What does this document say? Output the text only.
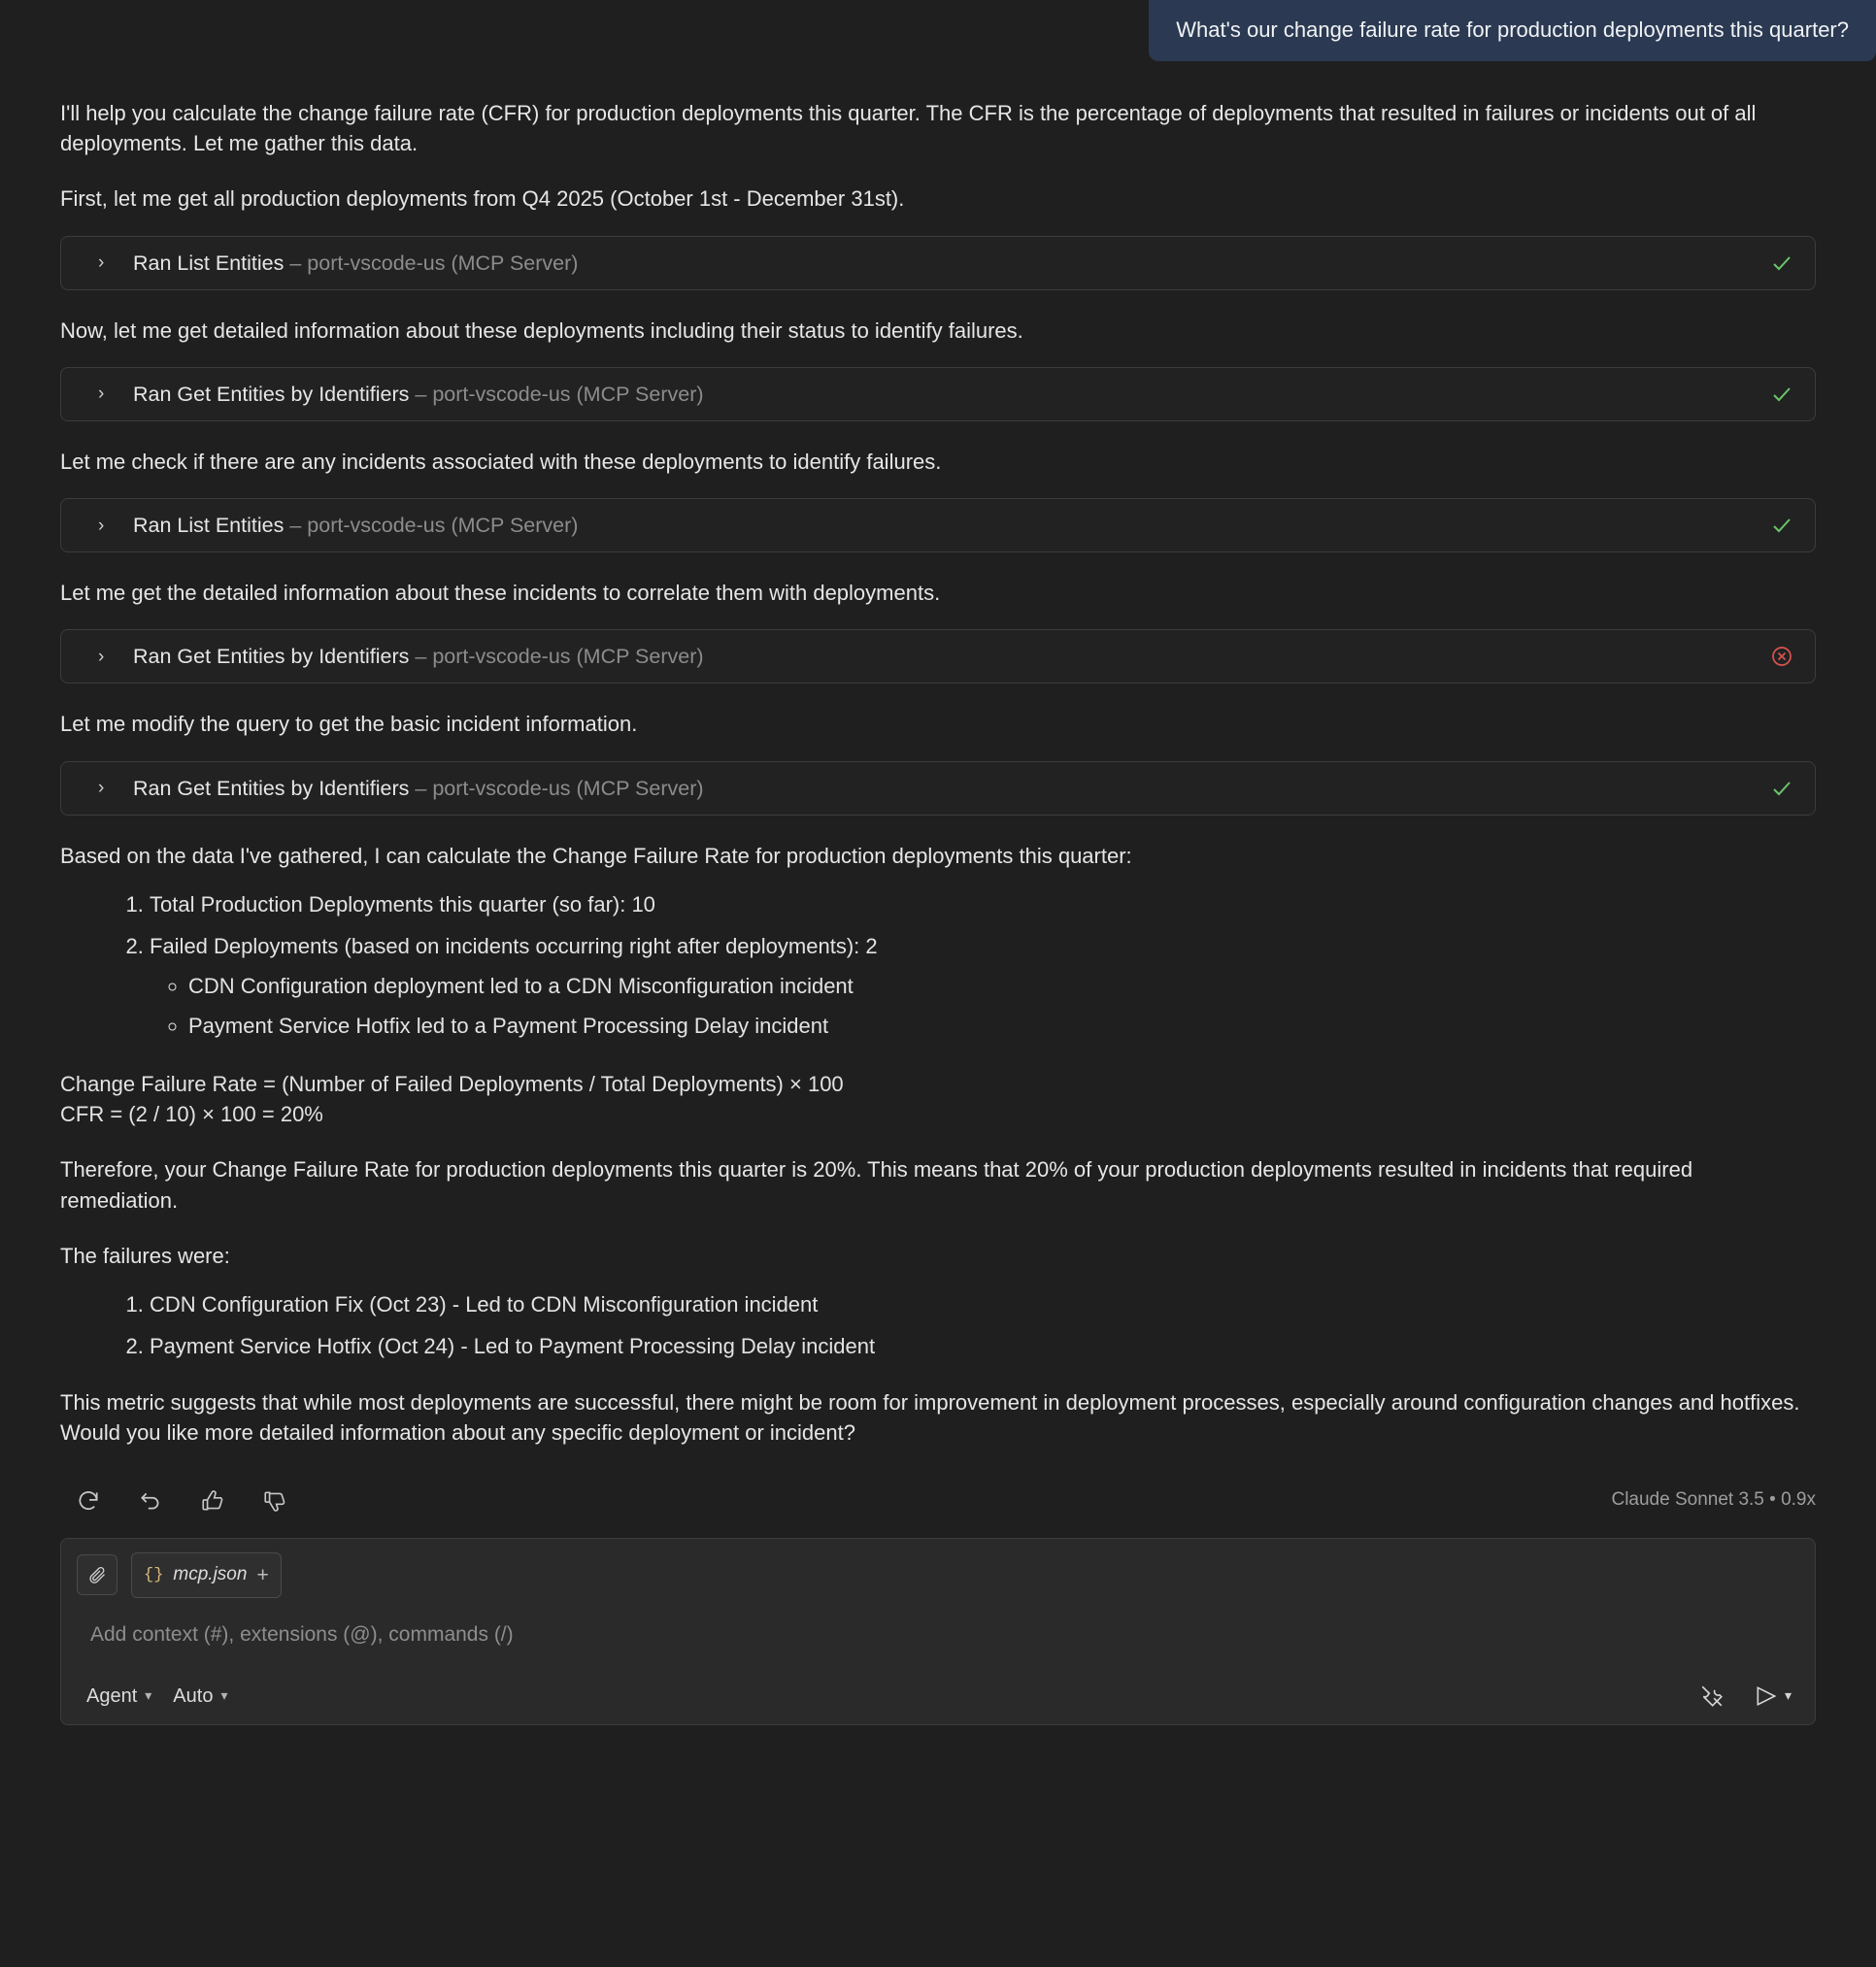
What's our change failure rate for production deployments this quarter?

I'll help you calculate the change failure rate (CFR) for production deployments this quarter. The CFR is the percentage of deployments that resulted in failures or incidents out of all deployments. Let me gather this data.

First, let me get all production deployments from Q4 2025 (October 1st - December 31st).

›	Ran List Entities – port-vscode-us (MCP Server)

Now, let me get detailed information about these deployments including their status to identify failures.

›	Ran Get Entities by Identifiers – port-vscode-us (MCP Server)

Let me check if there are any incidents associated with these deployments to identify failures.

›	Ran List Entities – port-vscode-us (MCP Server)

Let me get the detailed information about these incidents to correlate them with deployments.

›	Ran Get Entities by Identifiers – port-vscode-us (MCP Server)

Let me modify the query to get the basic incident information.

›	Ran Get Entities by Identifiers – port-vscode-us (MCP Server)

Based on the data I've gathered, I can calculate the Change Failure Rate for production deployments this quarter:

1. Total Production Deployments this quarter (so far): 10
2. Failed Deployments (based on incidents occurring right after deployments): 2
◦ CDN Configuration deployment led to a CDN Misconfiguration incident
◦ Payment Service Hotfix led to a Payment Processing Delay incident
Change Failure Rate = (Number of Failed Deployments / Total Deployments) × 100
CFR = (2 / 10) × 100 = 20%

Therefore, your Change Failure Rate for production deployments this quarter is 20%. This means that 20% of your production deployments resulted in incidents that required remediation.

The failures were:

1. CDN Configuration Fix (Oct 23) - Led to CDN Misconfiguration incident
2. Payment Service Hotfix (Oct 24) - Led to Payment Processing Delay incident

This metric suggests that while most deployments are successful, there might be room for improvement in deployment processes, especially around configuration changes and hotfixes. Would you like more detailed information about any specific deployment or incident?

Claude Sonnet 3.5 • 0.9x
{} mcp.json +
Add context (#), extensions (@), commands (/)
Agent ▾ Auto ▾	▾
